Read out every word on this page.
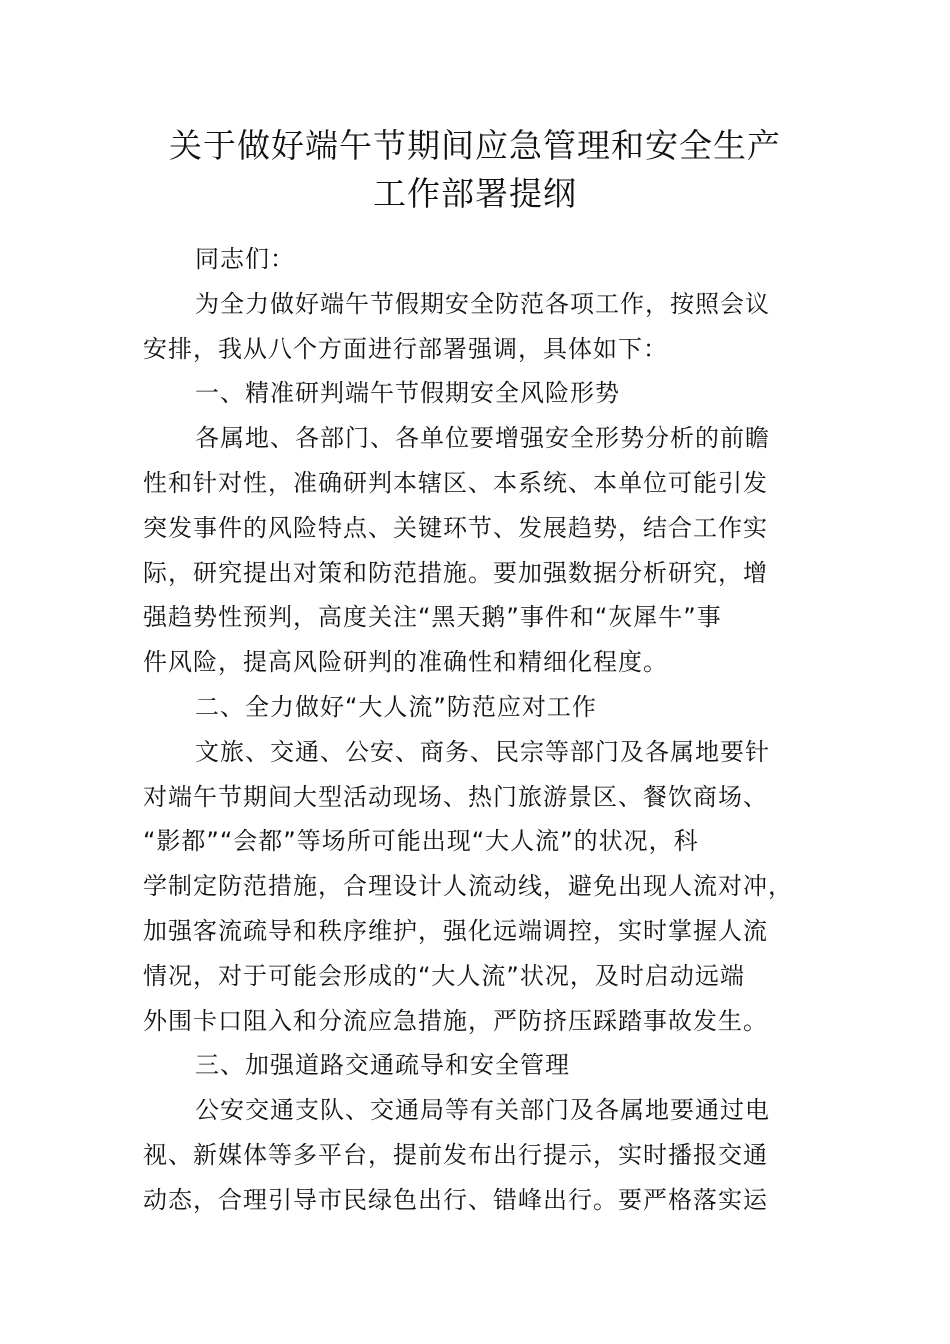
关于做好端午节期间应急管理和安全生产
工作部署提纲
同志们：
为全力做好端午节假期安全防范各项工作，按照会议
安排，我从八个方面进行部署强调，具体如下：
一、精准研判端午节假期安全风险形势
各属地、各部门、各单位要增强安全形势分析的前瞻
性和针对性，准确研判本辖区、本系统、本单位可能引发
突发事件的风险特点、关键环节、发展趋势，结合工作实
际，研究提出对策和防范措施。要加强数据分析研究，增
强趋势性预判，高度关注“黑天鹅”事件和“灰犀牛”事
件风险，提高风险研判的准确性和精细化程度。
二、全力做好“大人流”防范应对工作
文旅、交通、公安、商务、民宗等部门及各属地要针
对端午节期间大型活动现场、热门旅游景区、餐饮商场、
“影都”“会都”等场所可能出现“大人流”的状况，科
学制定防范措施，合理设计人流动线，避免出现人流对冲，
加强客流疏导和秩序维护，强化远端调控，实时掌握人流
情况，对于可能会形成的“大人流”状况，及时启动远端
外围卡口阻入和分流应急措施，严防挤压踩踏事故发生。
三、加强道路交通疏导和安全管理
公安交通支队、交通局等有关部门及各属地要通过电
视、新媒体等多平台，提前发布出行提示，实时播报交通
动态，合理引导市民绿色出行、错峰出行。要严格落实运
